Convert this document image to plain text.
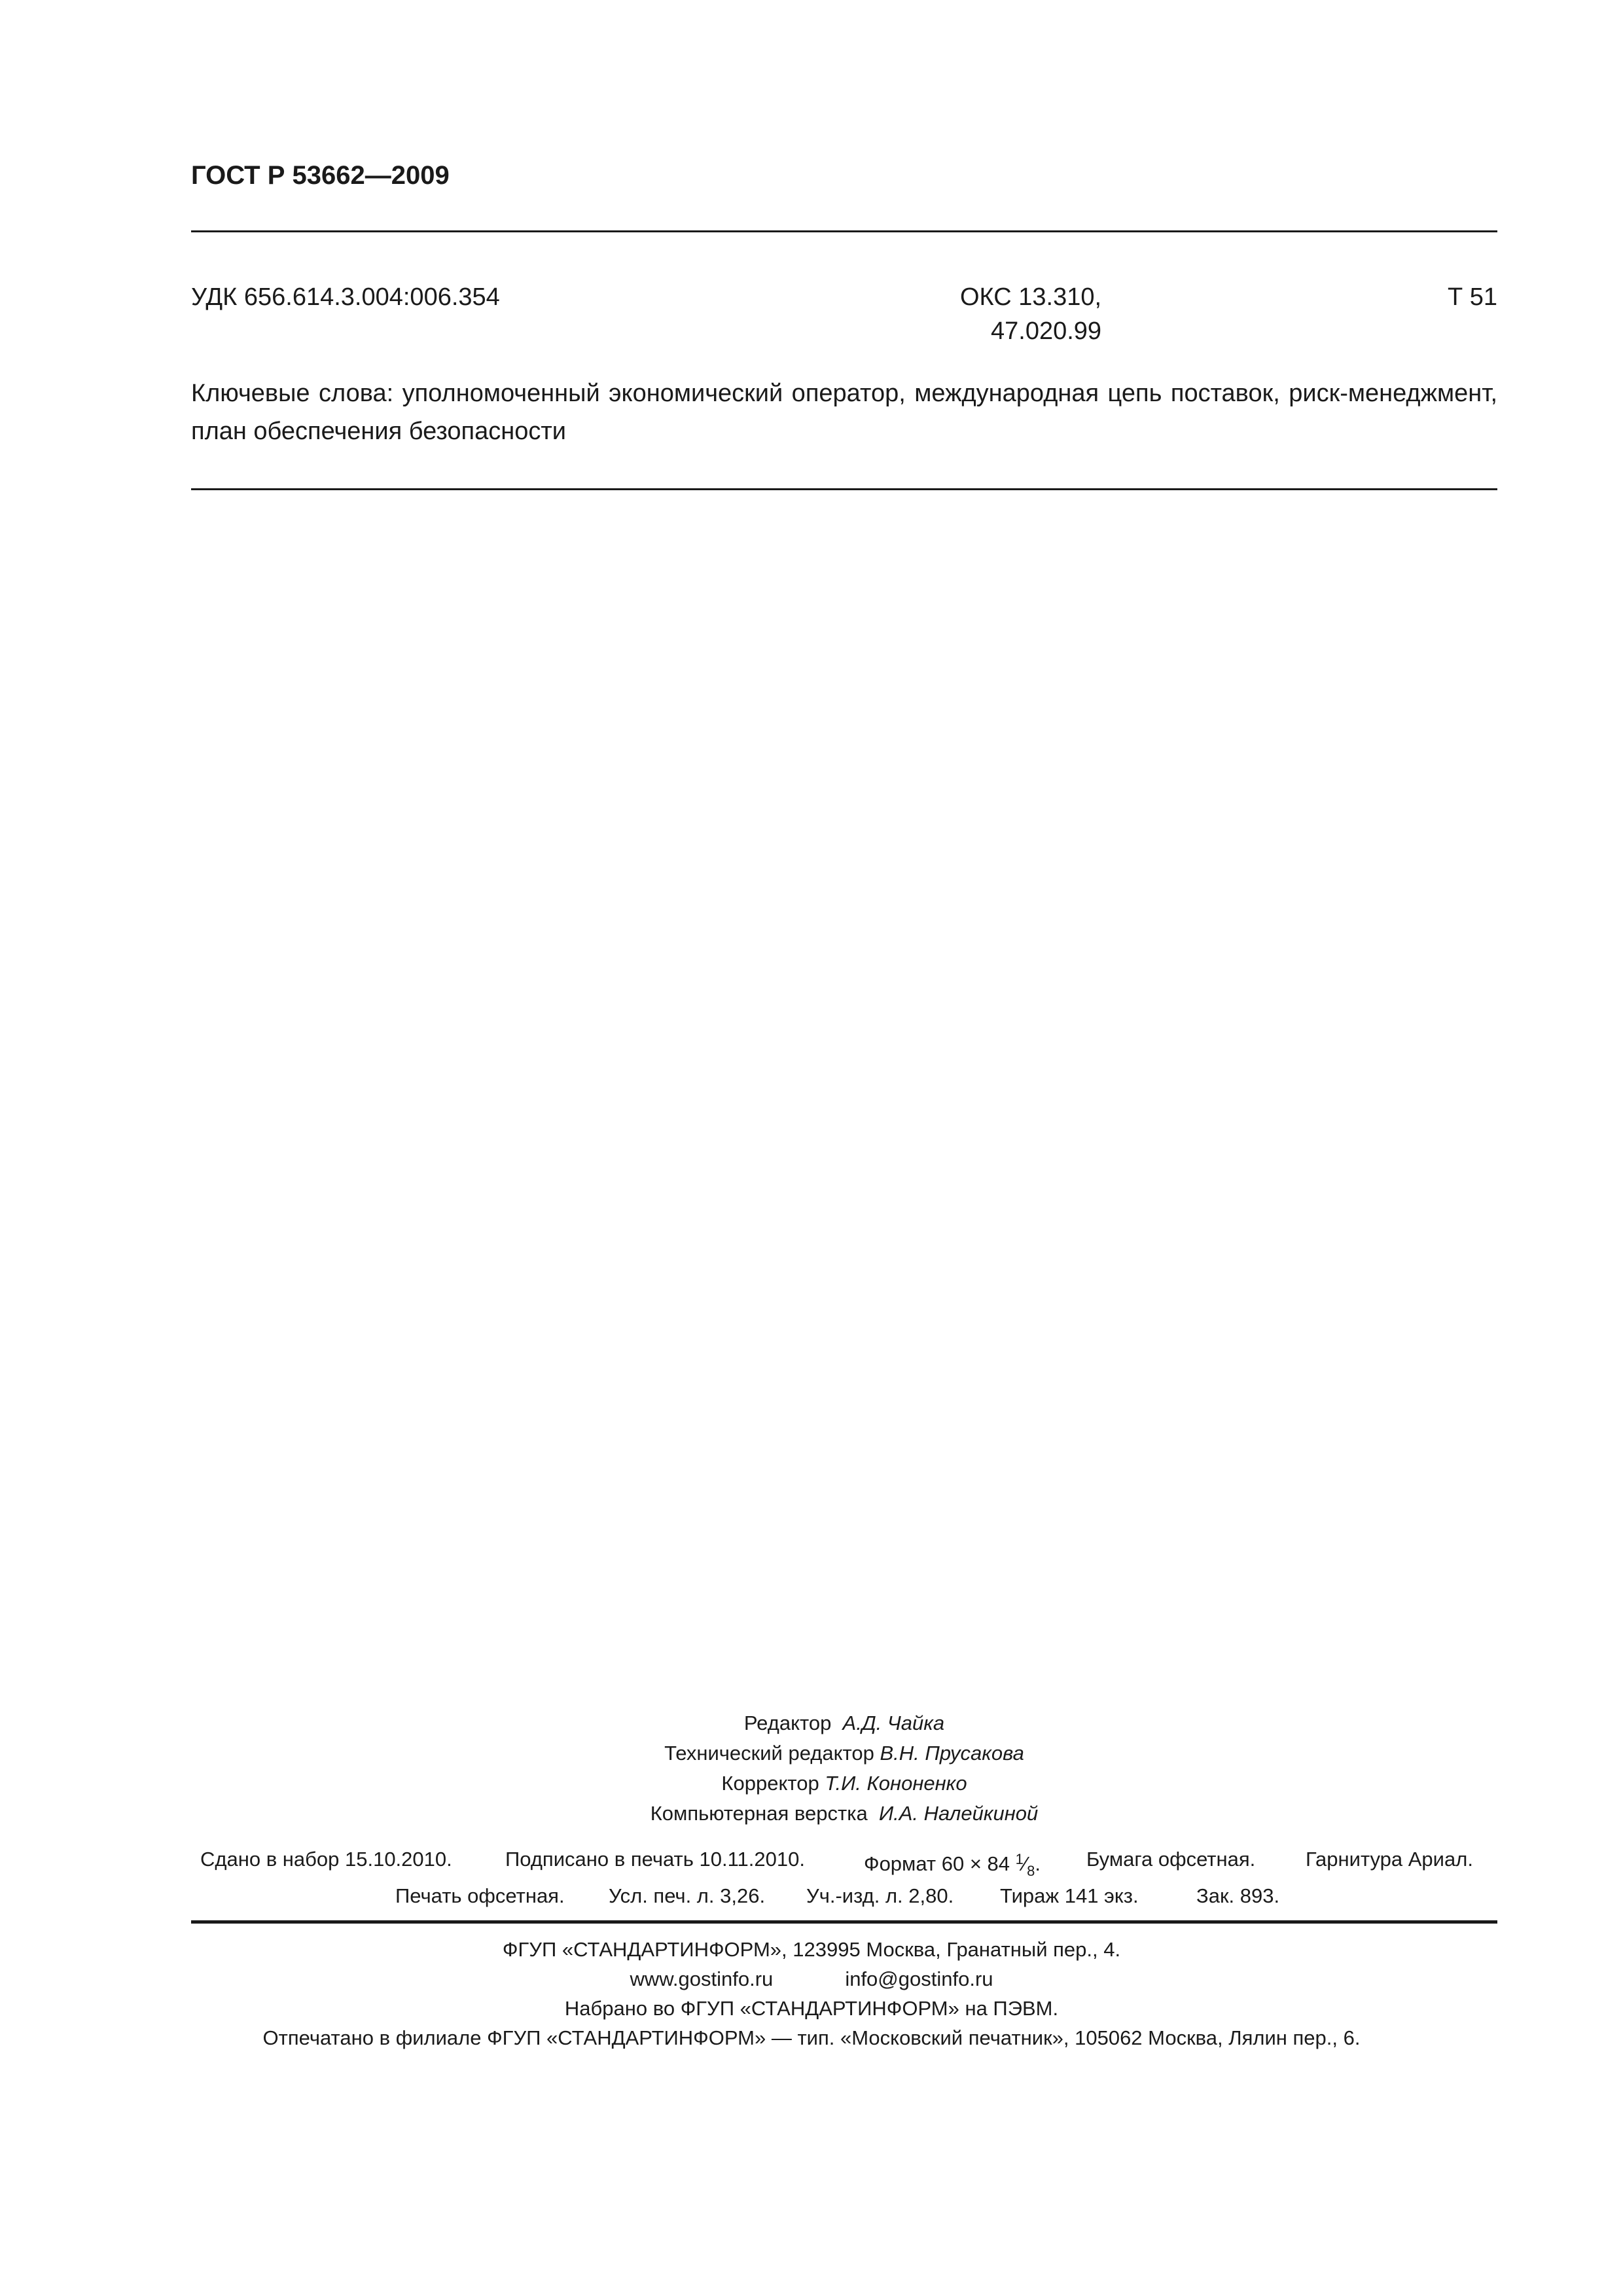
ГОСТ Р 53662—2009
УДК 656.614.3.004:006.354	ОКС 13.310,
47.020.99
Т 51
Ключевые слова: уполномоченный экономический оператор, международная цепь поставок, риск-менеджмент, план обеспечения безопасности
Редактор А.Д. Чайка
Технический редактор В.Н. Прусакова
Корректор Т.И. Кононенко
Компьютерная верстка И.А. Налейкиной
Сдано в набор 15.10.2010.	Подписано в печать 10.11.2010.	Формат 60 × 84 $^1⁄_8$. Бумага офсетная. Гарнитура Ариал.
Печать офсетная. Усл. печ. л. 3,26. Уч.-изд. л. 2,80. Тираж 141 экз.	Зак. 893.
ФГУП «СТАНДАРТИНФОРМ», 123995 Москва, Гранатный пер., 4.
www.gostinfo.ru	info@gostinfo.ru
Набрано во ФГУП «СТАНДАРТИНФОРМ» на ПЭВМ.
Отпечатано в филиале ФГУП «СТАНДАРТИНФОРМ» — тип. «Московский печатник», 105062 Москва, Лялин пер., 6.
